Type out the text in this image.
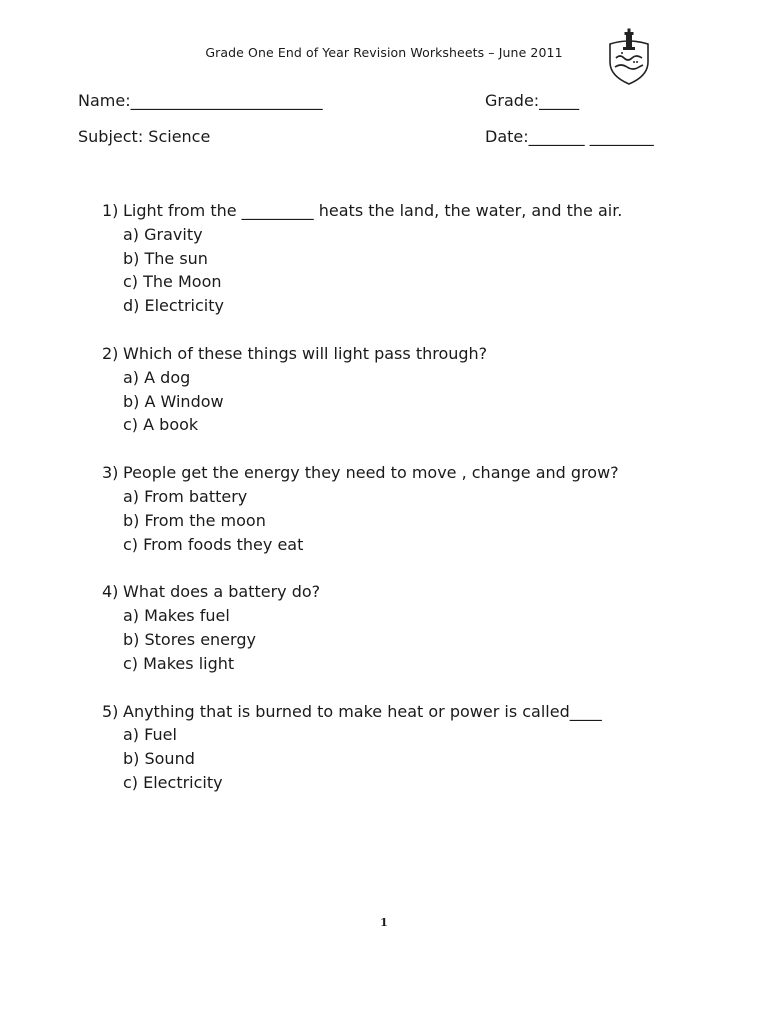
Grade One End of Year Revision Worksheets – June 2011
Name:________________________	Grade:_____
Subject: Science	Date:_______ ________
1) Light from the _________ heats the land, the water, and the air.
a) Gravity
b) The sun
c) The Moon
d) Electricity
2) Which of these things will light pass through?
a) A dog
b) A Window
c) A book
3) People get the energy they need to move , change and grow?
a) From battery
b) From the moon
c) From foods they eat
4) What does a battery do?
a) Makes fuel
b) Stores energy
c) Makes light
5) Anything that is burned to make heat or power is called____
a) Fuel
b) Sound
c) Electricity
1
